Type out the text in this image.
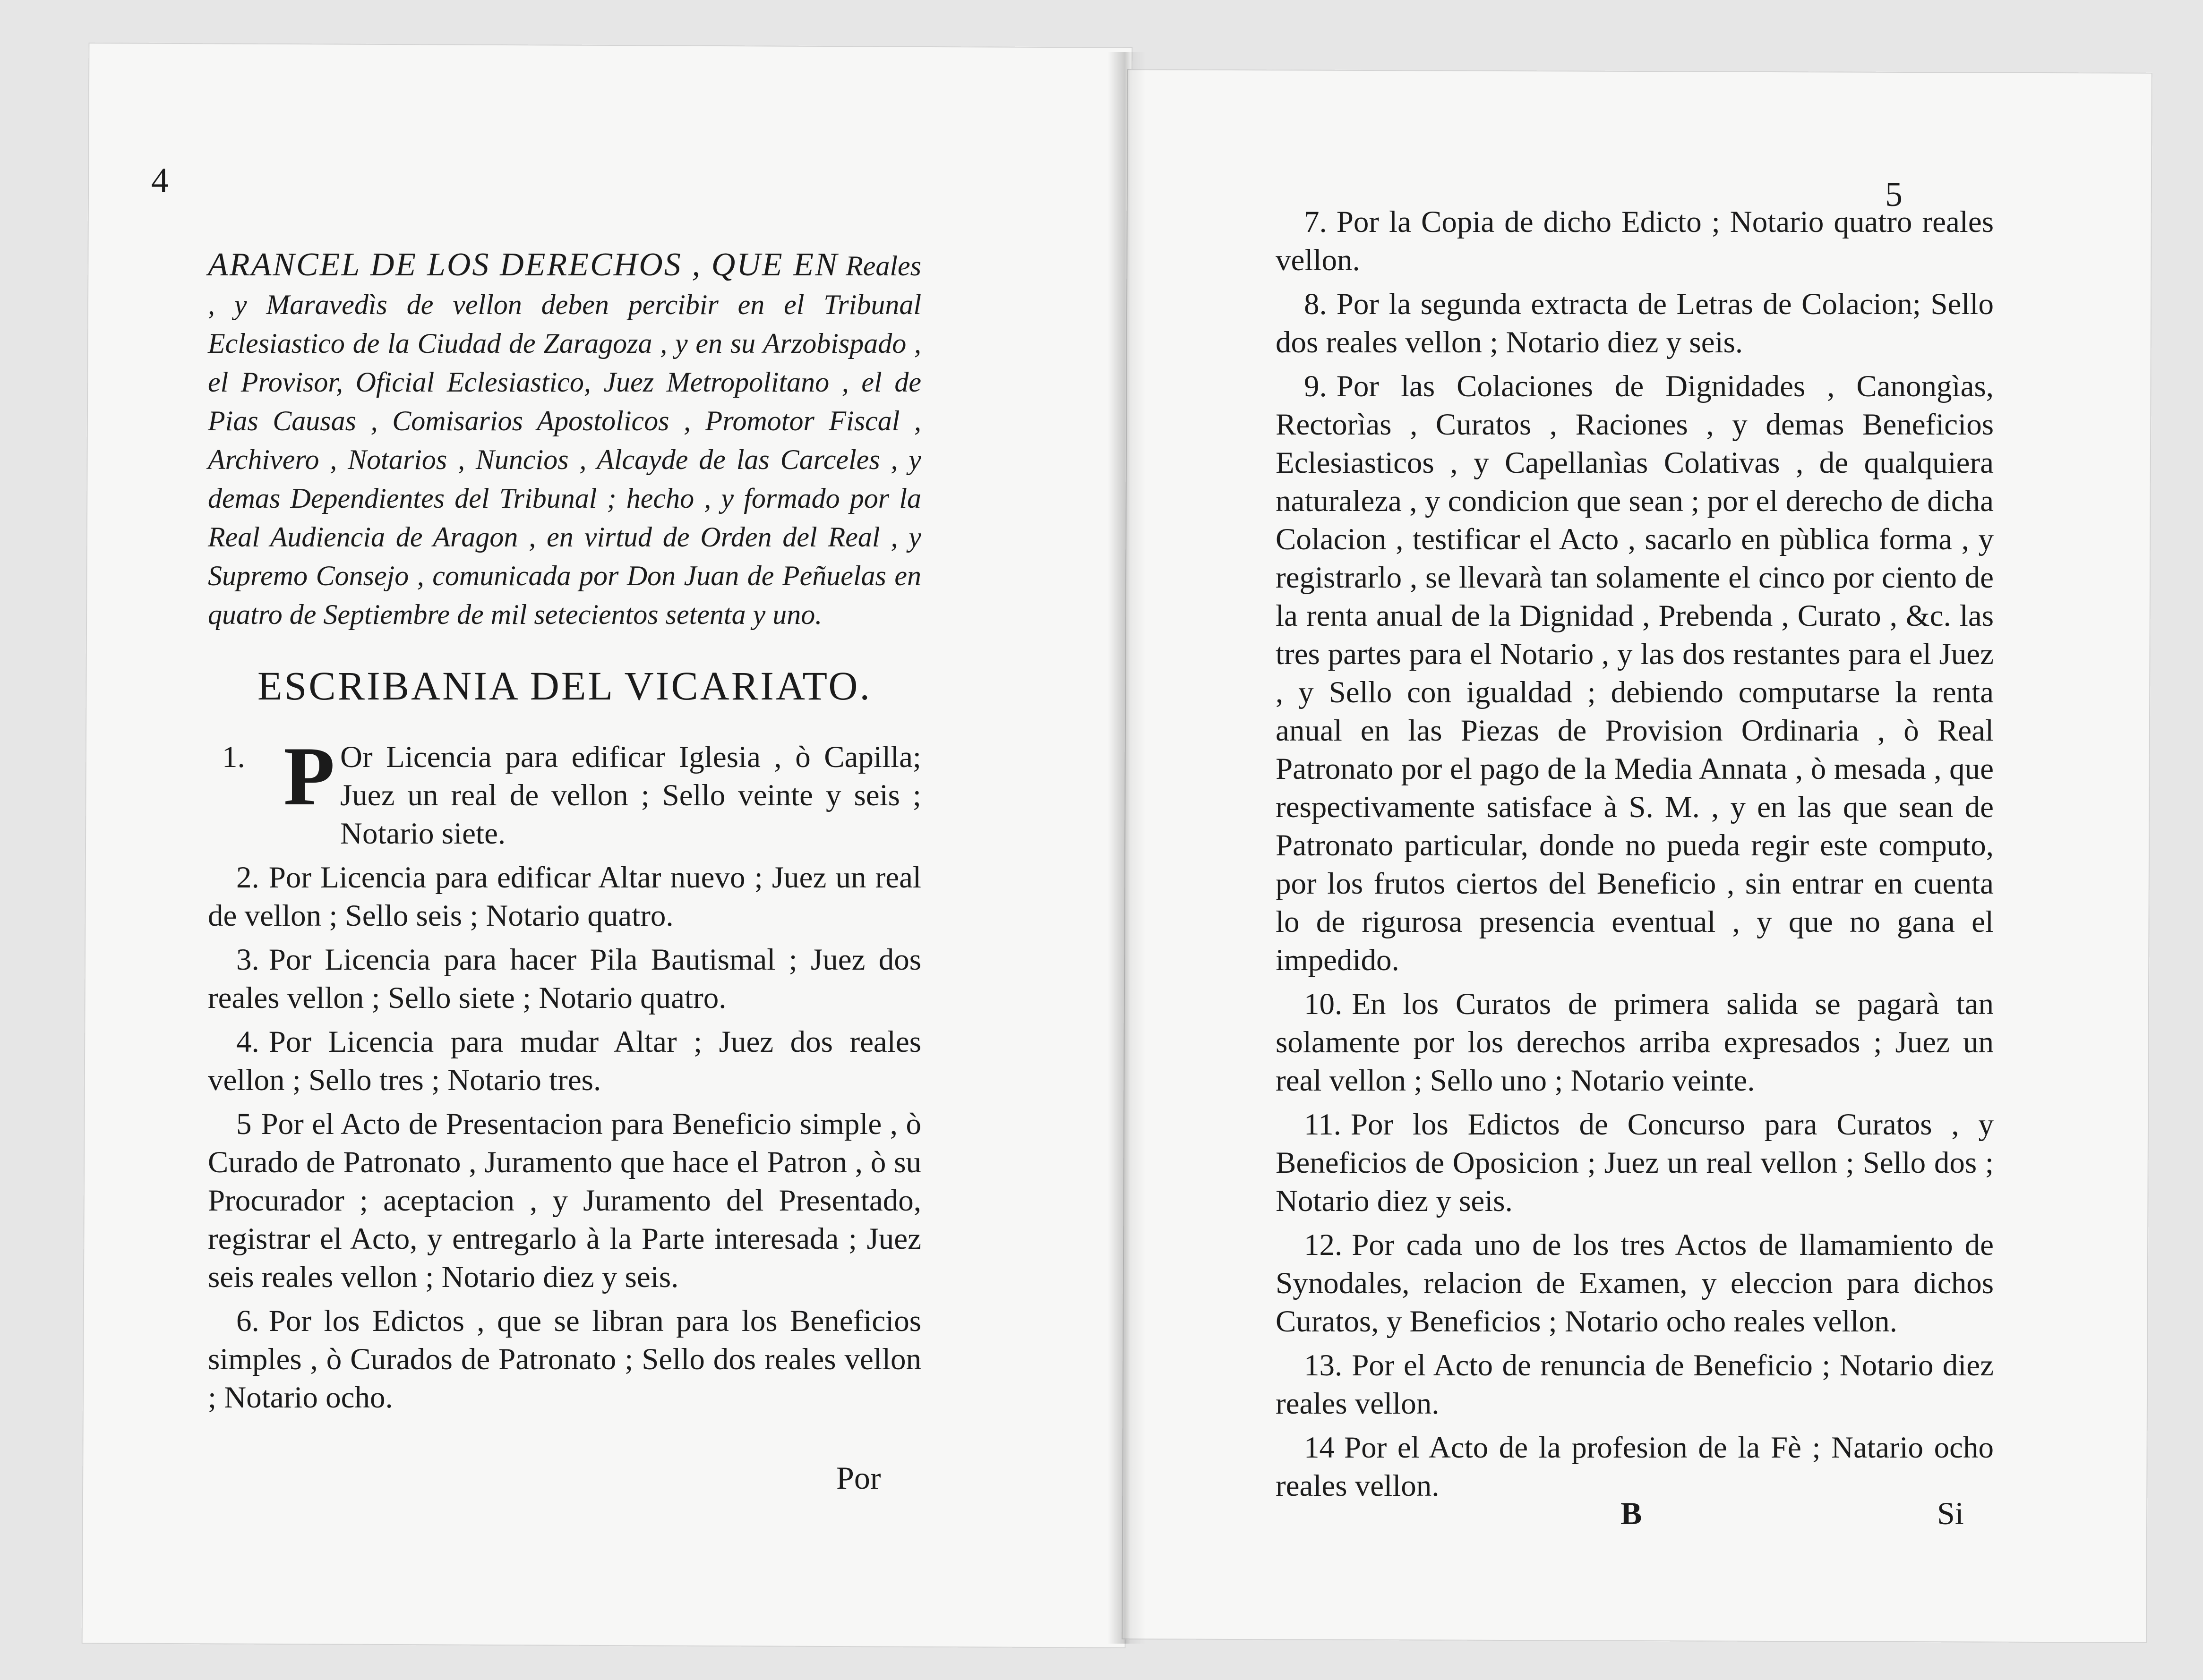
4	5

ARANCEL DE LOS DERECHOS , QUE EN Reales , y Maravedìs de vellon deben percibir en el Tribunal Eclesiastico de la Ciudad de Zaragoza , y en su Arzobispado , el Provisor, Oficial Eclesiastico, Juez Metropolitano , el de Pias Causas , Comisarios Apostolicos , Promotor Fiscal , Archivero , Notarios , Nuncios , Alcayde de las Carceles , y demas Dependientes del Tribunal ; hecho , y formado por la Real Audiencia de Aragon , en virtud de Orden del Real , y Supremo Consejo , comunicada por Don Juan de Peñuelas en quatro de Septiembre de mil setecientos setenta y uno.

ESCRIBANIA DEL VICARIATO.

1. P Or Licencia para edificar Iglesia , ò Capilla; Juez un real de vellon ; Sello veinte y seis ; Notario siete.

2. Por Licencia para edificar Altar nuevo ; Juez un real de vellon ; Sello seis ; Notario quatro.

3. Por Licencia para hacer Pila Bautismal ; Juez dos reales vellon ; Sello siete ; Notario quatro.

4. Por Licencia para mudar Altar ; Juez dos reales vellon ; Sello tres ; Notario tres.

5 Por el Acto de Presentacion para Beneficio simple , ò Curado de Patronato , Juramento que hace el Patron , ò su Procurador ; aceptacion , y Juramento del Presentado, registrar el Acto, y entregarlo à la Parte interesada ; Juez seis reales vellon ; Notario diez y seis.

6. Por los Edictos , que se libran para los Beneficios simples , ò Curados de Patronato ; Sello dos reales vellon ; Notario ocho.

Por

7. Por la Copia de dicho Edicto ; Notario quatro reales vellon.

8. Por la segunda extracta de Letras de Colacion; Sello dos reales vellon ; Notario diez y seis.

9. Por las Colaciones de Dignidades , Canongìas, Rectorìas , Curatos , Raciones , y demas Beneficios Eclesiasticos , y Capellanìas Colativas , de qualquiera naturaleza , y condicion que sean ; por el derecho de dicha Colacion , testificar el Acto , sacarlo en pùblica forma , y registrarlo , se llevarà tan solamente el cinco por ciento de la renta anual de la Dignidad , Prebenda , Curato , &c. las tres partes para el Notario , y las dos restantes para el Juez , y Sello con igualdad ; debiendo computarse la renta anual en las Piezas de Provision Ordinaria , ò Real Patronato por el pago de la Media Annata , ò mesada , que respectivamente satisface à S. M. , y en las que sean de Patronato particular, donde no pueda regir este computo, por los frutos ciertos del Beneficio , sin entrar en cuenta lo de rigurosa presencia eventual , y que no gana el impedido.

10. En los Curatos de primera salida se pagarà tan solamente por los derechos arriba expresados ; Juez un real vellon ; Sello uno ; Notario veinte.

11. Por los Edictos de Concurso para Curatos , y Beneficios de Oposicion ; Juez un real vellon ; Sello dos ; Notario diez y seis.

12. Por cada uno de los tres Actos de llamamiento de Synodales, relacion de Examen, y eleccion para dichos Curatos, y Beneficios ; Notario ocho reales vellon.

13. Por el Acto de renuncia de Beneficio ; Notario diez reales vellon.

14 Por el Acto de la profesion de la Fè ; Natario ocho reales vellon.

B	Si
